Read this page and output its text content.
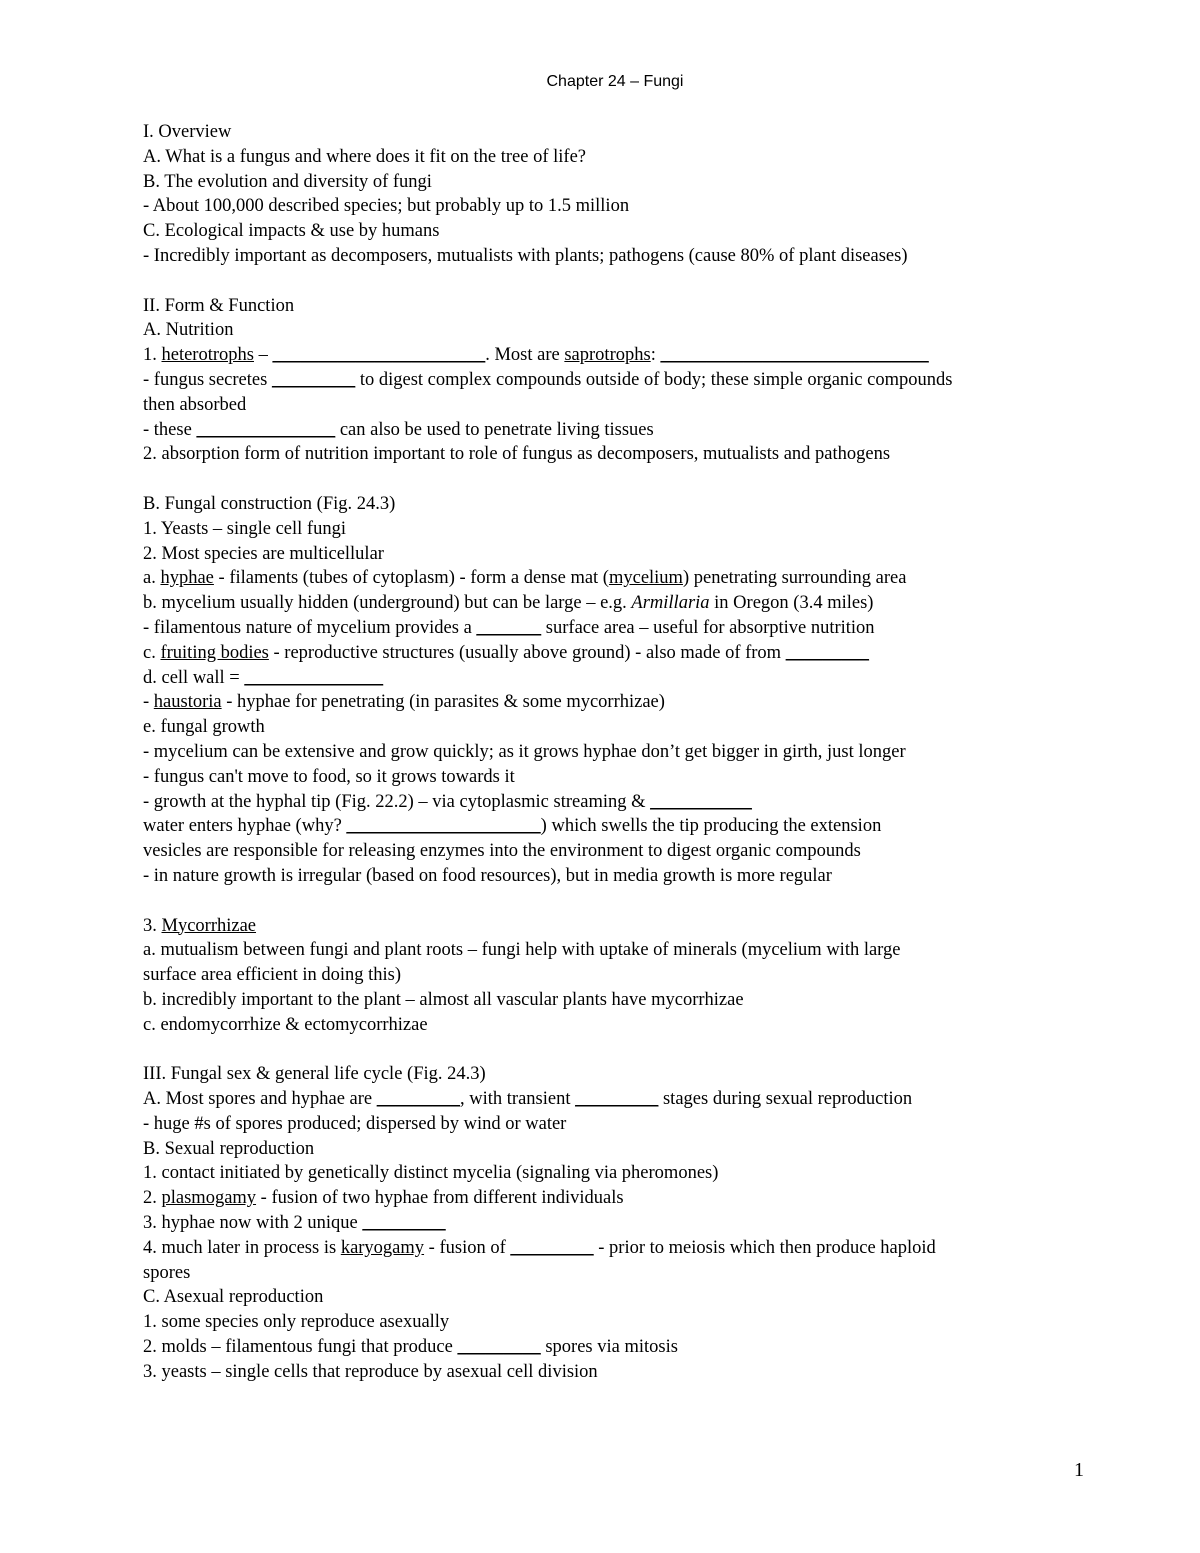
Chapter 24 – Fungi
I. Overview
A. What is a fungus and where does it fit on the tree of life?
B. The evolution and diversity of fungi
- About 100,000 described species; but probably up to 1.5 million
C. Ecological impacts & use by humans
- Incredibly important as decomposers, mutualists with plants; pathogens (cause 80% of plant diseases)
II. Form & Function
A. Nutrition
1. heterotrophs – _______________________. Most are saprotrophs: _____________________________
- fungus secretes _________ to digest complex compounds outside of body; these simple organic compounds
then absorbed
- these _______________ can also be used to penetrate living tissues
2. absorption form of nutrition important to role of fungus as decomposers, mutualists and pathogens
B. Fungal construction (Fig. 24.3)
1. Yeasts – single cell fungi
2. Most species are multicellular
a. hyphae - filaments (tubes of cytoplasm) - form a dense mat (mycelium) penetrating surrounding area
b. mycelium usually hidden (underground) but can be large – e.g. Armillaria in Oregon (3.4 miles)
- filamentous nature of mycelium provides a _______ surface area – useful for absorptive nutrition
c. fruiting bodies - reproductive structures (usually above ground) - also made of from _________
d. cell wall = _______________
- haustoria - hyphae for penetrating (in parasites & some mycorrhizae)
e. fungal growth
- mycelium can be extensive and grow quickly; as it grows hyphae don’t get bigger in girth, just longer
- fungus can't move to food, so it grows towards it
- growth at the hyphal tip (Fig. 22.2) – via cytoplasmic streaming & ___________
water enters hyphae (why? _____________________) which swells the tip producing the extension
vesicles are responsible for releasing enzymes into the environment to digest organic compounds
- in nature growth is irregular (based on food resources), but in media growth is more regular
3. Mycorrhizae
a. mutualism between fungi and plant roots – fungi help with uptake of minerals (mycelium with large
surface area efficient in doing this)
b. incredibly important to the plant – almost all vascular plants have mycorrhizae
c. endomycorrhize & ectomycorrhizae
III. Fungal sex & general life cycle (Fig. 24.3)
A. Most spores and hyphae are _________, with transient _________ stages during sexual reproduction
- huge #s of spores produced; dispersed by wind or water
B. Sexual reproduction
1. contact initiated by genetically distinct mycelia (signaling via pheromones)
2. plasmogamy - fusion of two hyphae from different individuals
3. hyphae now with 2 unique _________
4. much later in process is karyogamy - fusion of _________ - prior to meiosis which then produce haploid
spores
C. Asexual reproduction
1. some species only reproduce asexually
2. molds – filamentous fungi that produce _________ spores via mitosis
3. yeasts – single cells that reproduce by asexual cell division
1
